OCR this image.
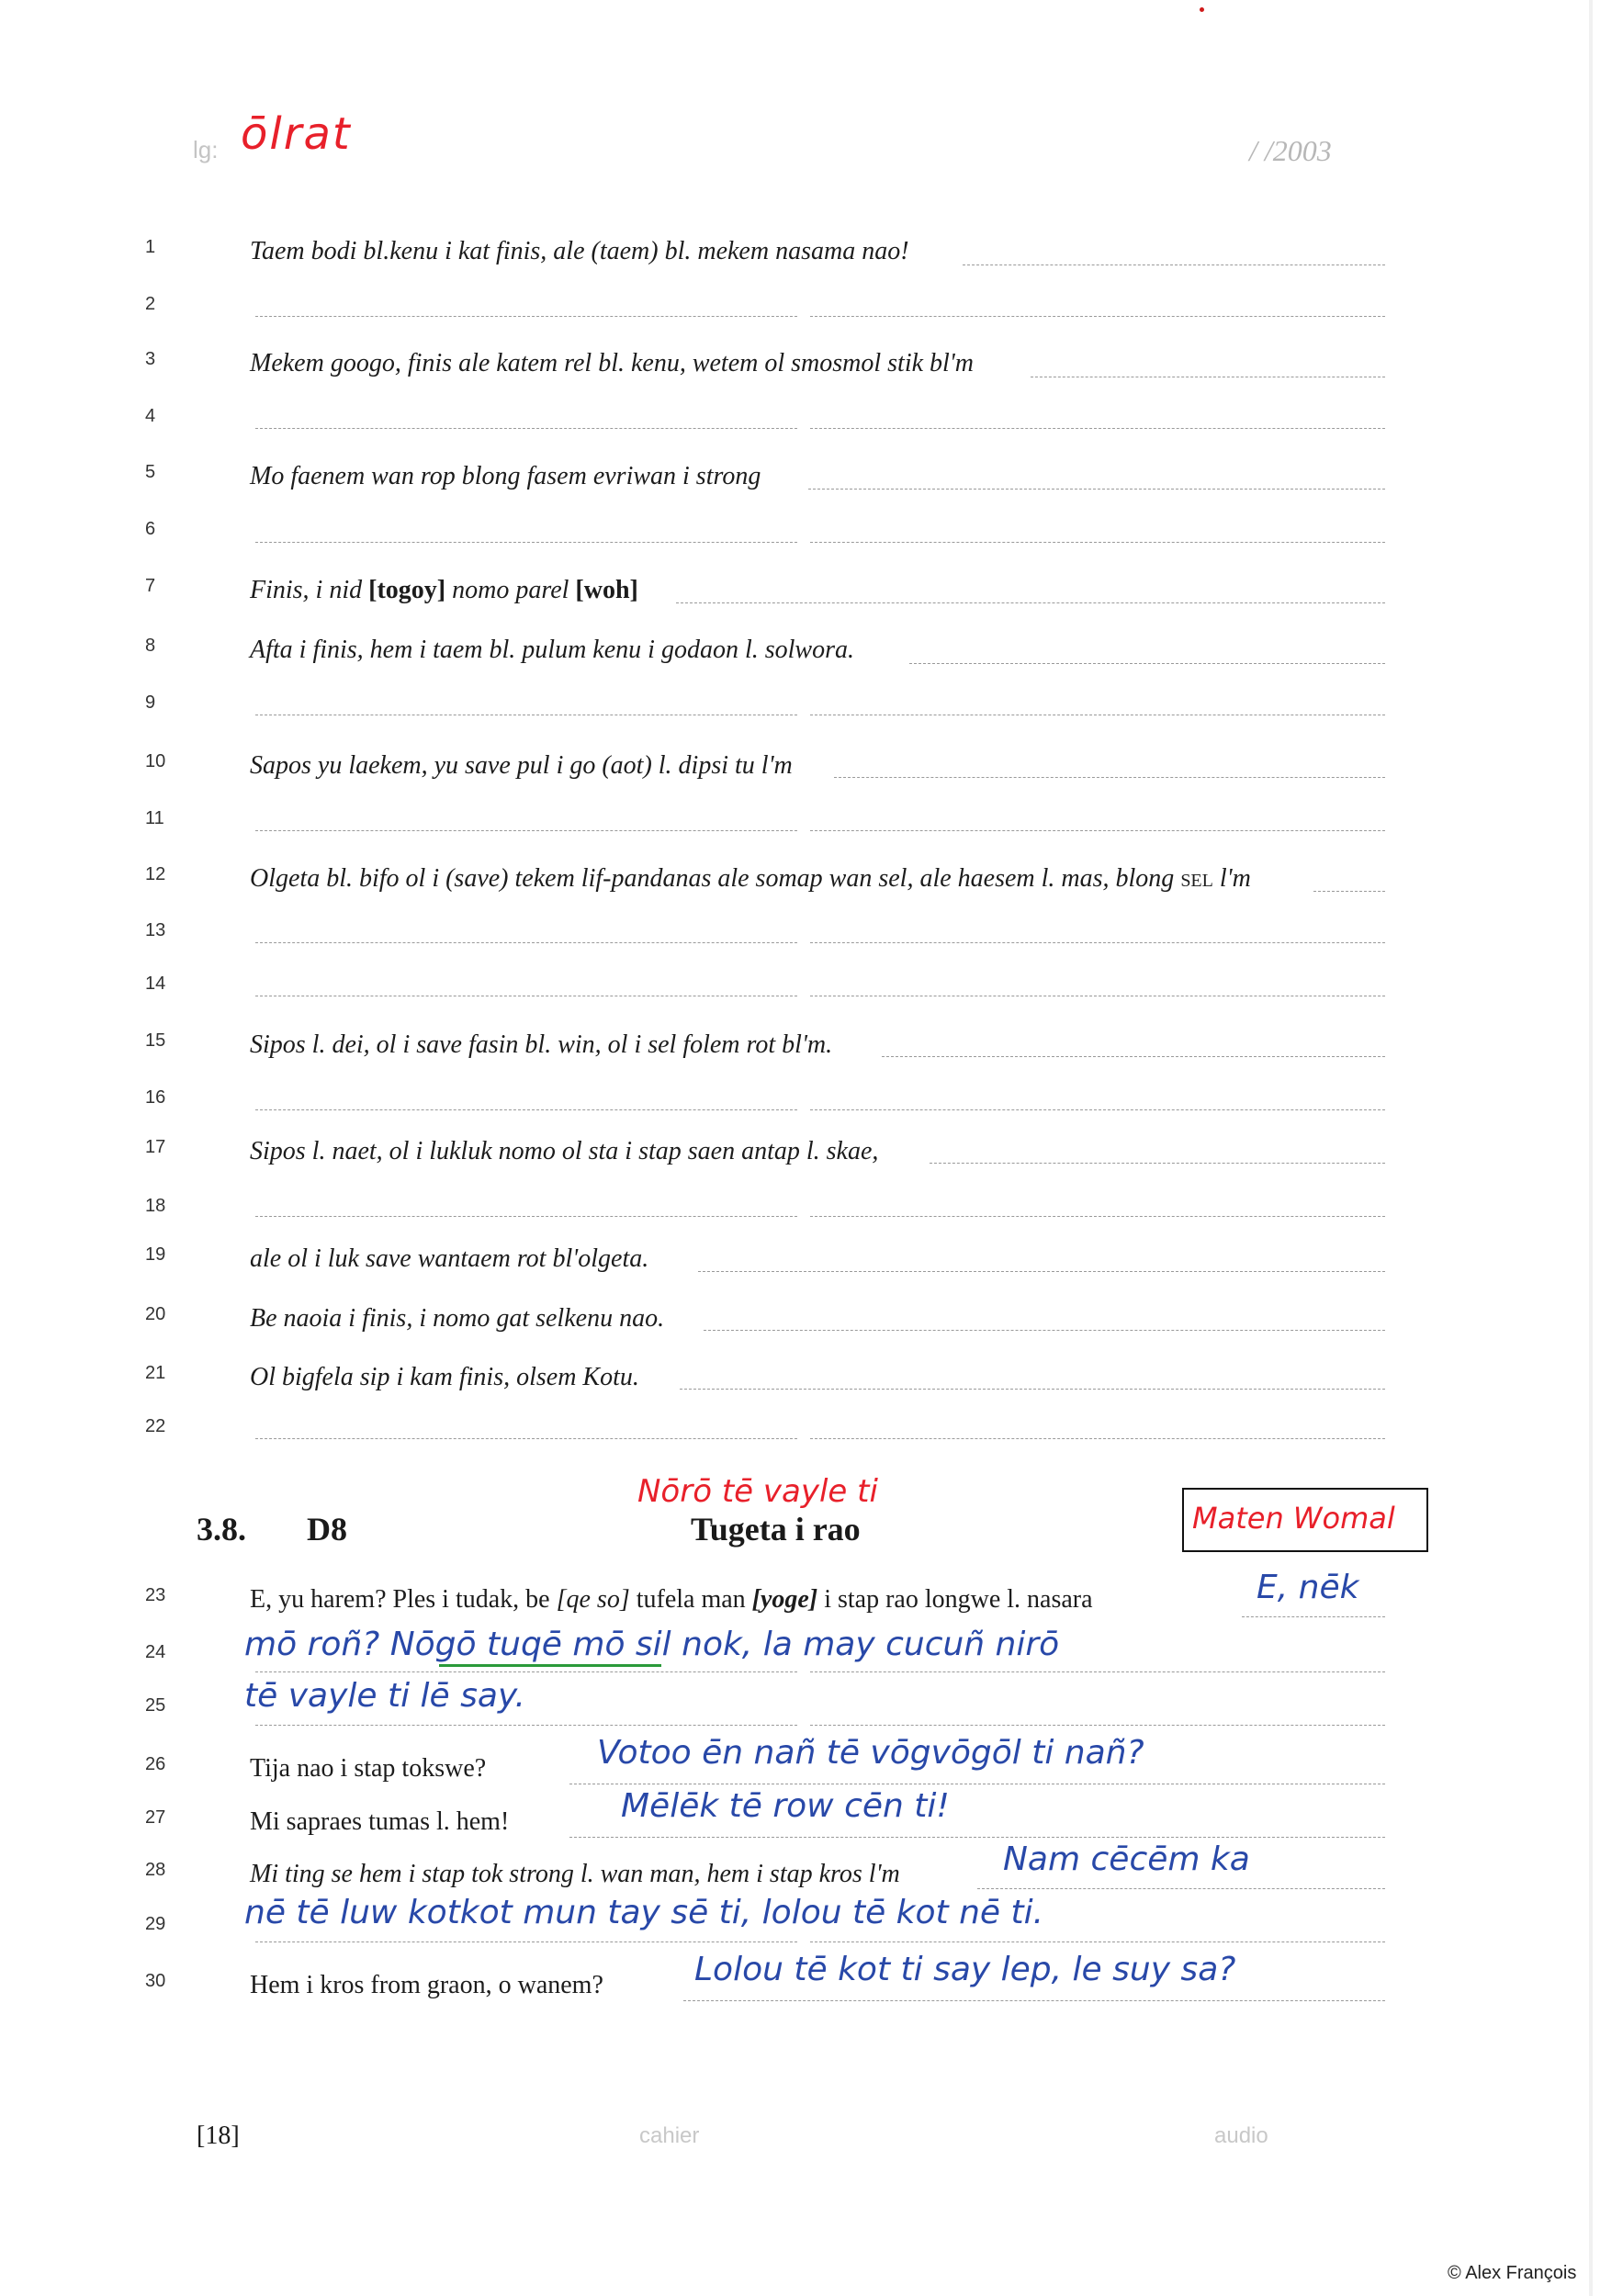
lg: ōlrat	/ /2003
1	Taem bodi bl.kenu i kat finis, ale (taem) bl. mekem nasama nao!
2
3	Mekem googo, finis ale katem rel bl. kenu, wetem ol smosmol stik bl'm
4
5	Mo faenem wan rop blong fasem evriwan i strong
6
7	Finis, i nid [togoy] nomo parel [woh]
8	Afta i finis, hem i taem bl. pulum kenu i godaon l. solwora.
9
10	Sapos yu laekem, yu save pul i go (aot) l. dipsi tu l'm
11
12	Olgeta bl. bifo ol i (save) tekem lif-pandanas ale somap wan sel, ale haesem l. mas, blong sel l'm
13
14
15	Sipos l. dei, ol i save fasin bl. win, ol i sel folem rot bl'm.
16
17	Sipos l. naet, ol i lukluk nomo ol sta i stap saen antap l. skae,
18
19	ale ol i luk save wantaem rot bl'olgeta.
20	Be naoia i finis, i nomo gat selkenu nao.
21	Ol bigfela sip i kam finis, olsem Kotu.
22
3.8. D8
Nōrō tē vayle ti
Tugeta i rao	Maten Womal
23	E, yu harem? Ples i tudak, be [qe so] tufela man [yoge] i stap rao longwe l. nasara	E, nēk
24	mō roñ? Nōgō tuqē mō sil nok, la may cucuñ nirō
25	tē vayle ti lē say.
26	Tija nao i stap tokswe?	Votoo ēn nañ tē vōgvōgōl ti nañ?
27	Mi sapraes tumas l. hem!	Mēlēk tē row cēn ti!
28	Mi ting se hem i stap tok strong l. wan man, hem i stap kros l'm	Nam cēcēm ka
29	nē tē luw kotkot mun tay sē ti, lolou tē kot nē ti.
30	Hem i kros from graon, o wanem?	Lolou tē kot ti say lep, le suy sa?
[18]	cahier	audio
© Alex François
